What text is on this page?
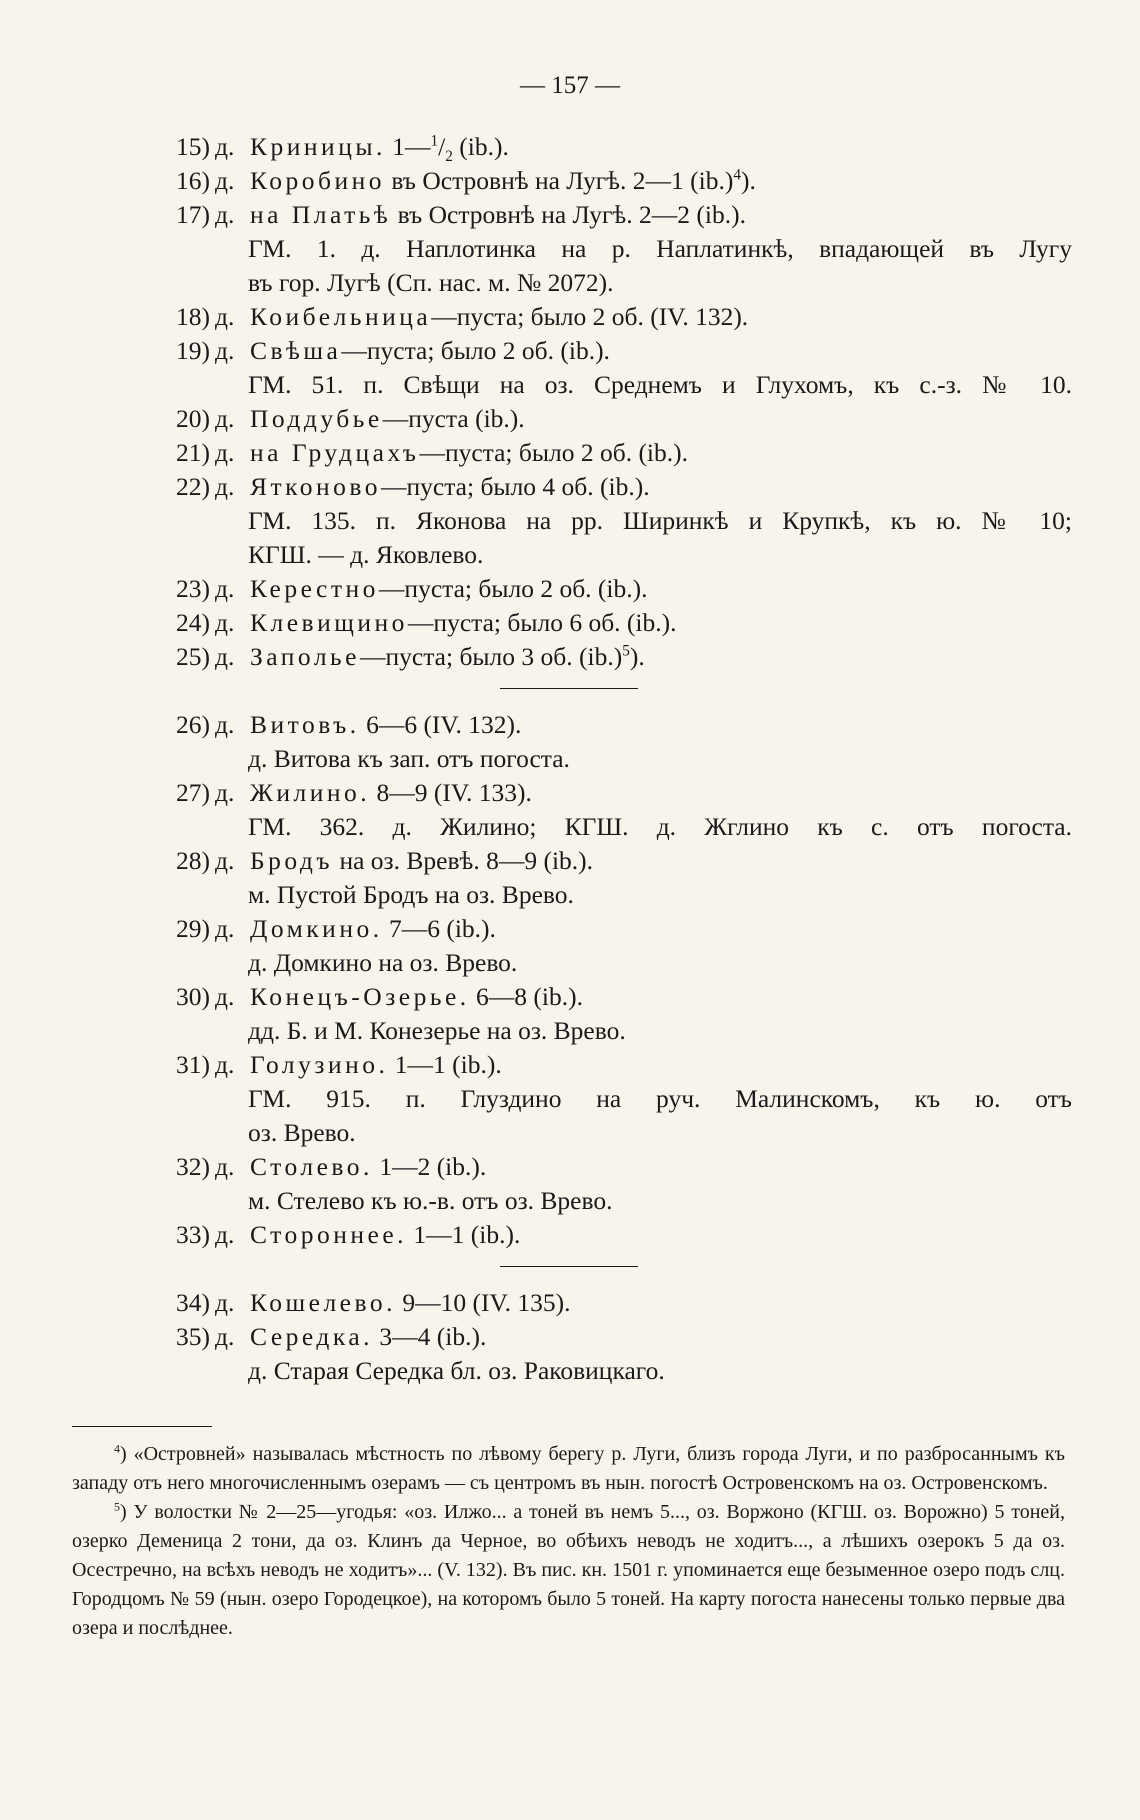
— 157 —
15) д. Криницы. $1—^1/_2$ (ib.).
16) д. Коробино въ Островнѣ на Лугѣ. 2—1 $(ib.)^4$).
17) д. на Платьѣ въ Островнѣ на Лугѣ. 2—2 (ib.).
ГМ. 1. д. Наплотинка на р. Наплатинкѣ, впадающей въ Лугу
въ гор. Лугѣ (Сп. нас. м. № 2072).
18) д. Коибельница—пуста; было 2 об. (IV. 132).
19) д. Свѣша—пуста; было 2 об. (ib.).
ГМ. 51. п. Свѣщи на оз. Среднемъ и Глухомъ, къ с.-з. № 10.
20) д. Поддубье—пуста (ib.).
21) д. на Грудцахъ—пуста; было 2 об. (ib.).
22) д. Ятконово—пуста; было 4 об. (ib.).
ГМ. 135. п. Яконова на рр. Ширинкѣ и Крупкѣ, къ ю. № 10;
КГШ. — д. Яковлево.
23) д. Керестно—пуста; было 2 об. (ib.).
24) д. Клевищино—пуста; было 6 об. (ib.).
25) д. Заполье—пуста; было 3 об. $(ib.)^5$).
26) д. Витовъ. 6—6 (IV. 132).
д. Витова къ зап. отъ погоста.
27) д. Жилино. 8—9 (IV. 133).
ГМ. 362. д. Жилино; КГШ. д. Жглино къ с. отъ погоста.
28) д. Бродъ на оз. Вревѣ. 8—9 (ib.).
м. Пустой Бродъ на оз. Врево.
29) д. Домкино. 7—6 (ib.).
д. Домкино на оз. Врево.
30) д. Конецъ-Озерье. 6—8 (ib.).
дд. Б. и М. Конезерье на оз. Врево.
31) д. Голузино. 1—1 (ib.).
ГМ. 915. п. Глуздино на руч. Малинскомъ, къ ю. отъ
оз. Врево.
32) д. Столево. 1—2 (ib.).
м. Стелево къ ю.-в. отъ оз. Врево.
33) д. Стороннее. 1—1 (ib.).
34) д. Кошелево. 9—10 (IV. 135).
35) д. Середка. 3—4 (ib.).
д. Старая Середка бл. оз. Раковицкаго.

$^4$) «Островней» называлась мѣстность по лѣвому берегу р. Луги, близъ города Луги, и по разбросаннымъ къ западу отъ него многочисленнымъ озерамъ — съ центромъ въ нын. погостѣ Островенскомъ на оз. Островенскомъ.

$^5$) У волостки № 2—25—угодья: «оз. Илжо... а тоней въ немъ 5..., оз. Воржоно (КГШ. оз. Ворожно) 5 тоней, озерко Деменица 2 тони, да оз. Клинъ да Черное, во обѣихъ неводъ не ходитъ..., а лѣшихъ озерокъ 5 да оз. Осестречно, на всѣхъ неводъ не ходитъ»... (V. 132). Въ пис. кн. 1501 г. упоминается еще безыменное озеро подъ слц. Городцомъ № 59 (нын. озеро Городецкое), на которомъ было 5 тоней. На карту погоста нанесены только первые два озера и послѣднее.
